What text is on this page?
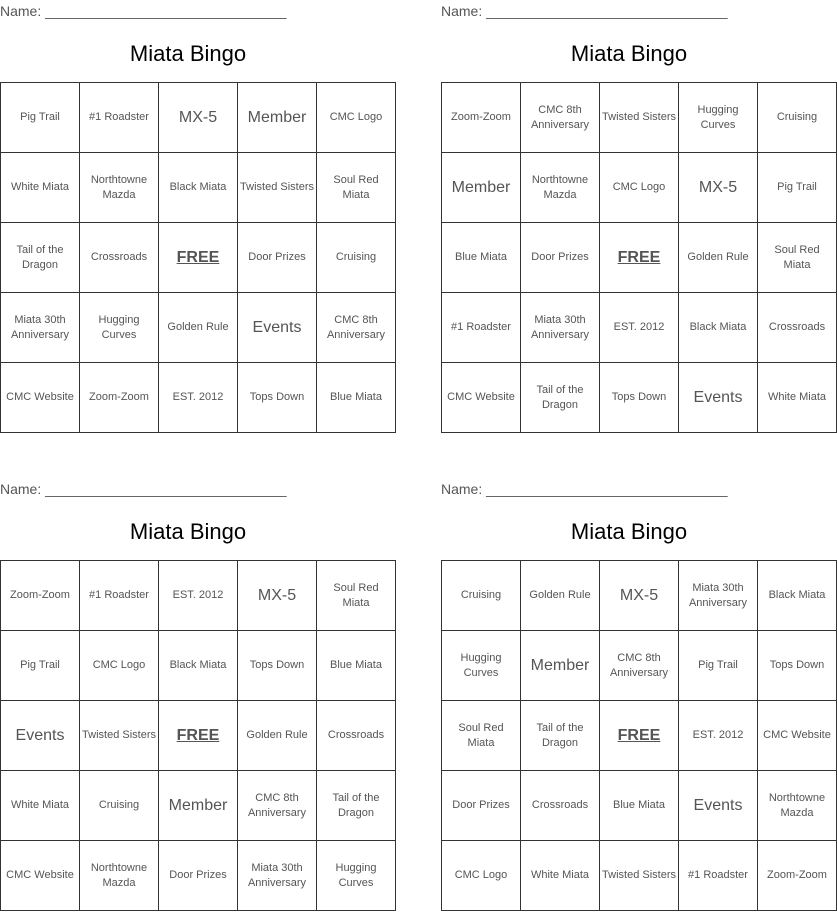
Name: _______________________________
Miata Bingo
Pig Trail	#1 Roadster	MX-5	Member	CMC Logo
White Miata	Northtowne Mazda	Black Miata	Twisted Sisters	Soul Red Miata
Tail of the Dragon	Crossroads	FREE	Door Prizes	Cruising
Miata 30th Anniversary	Hugging Curves	Golden Rule	Events	CMC 8th Anniversary
CMC Website	Zoom-Zoom	EST. 2012	Tops Down	Blue Miata
Name: _______________________________
Miata Bingo
Zoom-Zoom	CMC 8th Anniversary	Twisted Sisters	Hugging Curves	Cruising
Member	Northtowne Mazda	CMC Logo	MX-5	Pig Trail
Blue Miata	Door Prizes	FREE	Golden Rule	Soul Red Miata
#1 Roadster	Miata 30th Anniversary	EST. 2012	Black Miata	Crossroads
CMC Website	Tail of the Dragon	Tops Down	Events	White Miata
Name: _______________________________
Miata Bingo
Zoom-Zoom	#1 Roadster	EST. 2012	MX-5	Soul Red Miata
Pig Trail	CMC Logo	Black Miata	Tops Down	Blue Miata
Events	Twisted Sisters	FREE	Golden Rule	Crossroads
White Miata	Cruising	Member	CMC 8th Anniversary	Tail of the Dragon
CMC Website	Northtowne Mazda	Door Prizes	Miata 30th Anniversary	Hugging Curves
Name: _______________________________
Miata Bingo
Cruising	Golden Rule	MX-5	Miata 30th Anniversary	Black Miata
Hugging Curves	Member	CMC 8th Anniversary	Pig Trail	Tops Down
Soul Red Miata	Tail of the Dragon	FREE	EST. 2012	CMC Website
Door Prizes	Crossroads	Blue Miata	Events	Northtowne Mazda
CMC Logo	White Miata	Twisted Sisters	#1 Roadster	Zoom-Zoom
